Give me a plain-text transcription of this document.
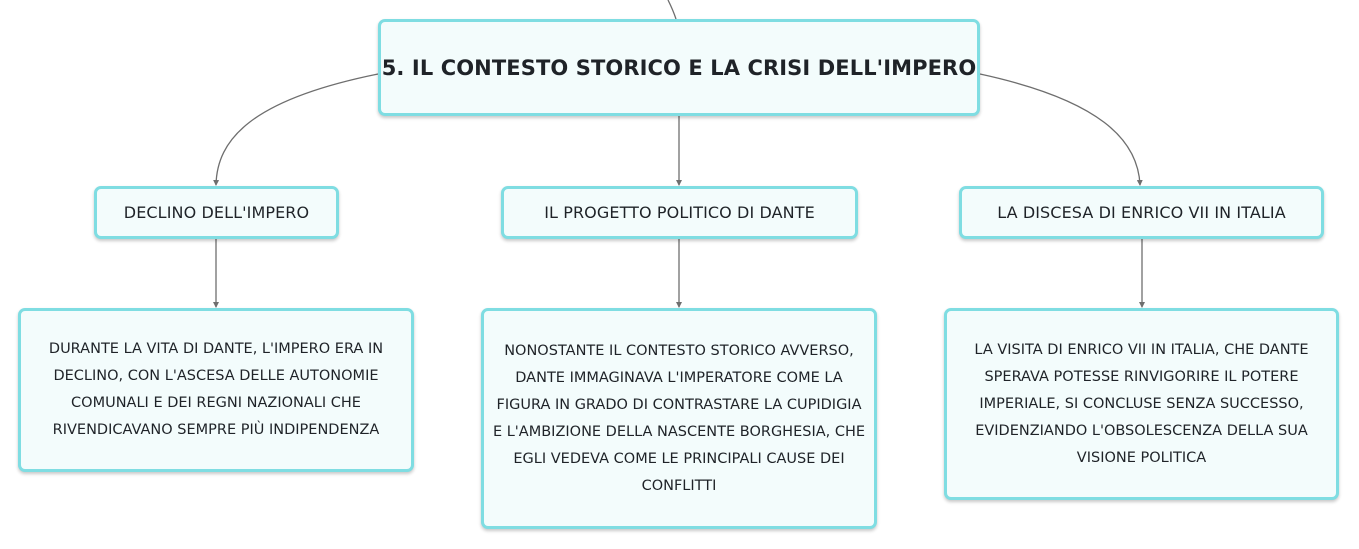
5. IL CONTESTO STORICO E LA CRISI DELL'IMPERO
DECLINO DELL'IMPERO	IL PROGETTO POLITICO DI DANTE	LA DISCESA DI ENRICO VII IN ITALIA
DURANTE LA VITA DI DANTE, L'IMPERO ERA IN DECLINO, CON L'ASCESA DELLE AUTONOMIE COMUNALI E DEI REGNI NAZIONALI CHE RIVENDICAVANO SEMPRE PIÙ INDIPENDENZA
NONOSTANTE IL CONTESTO STORICO AVVERSO, DANTE IMMAGINAVA L'IMPERATORE COME LA FIGURA IN GRADO DI CONTRASTARE LA CUPIDIGIA E L'AMBIZIONE DELLA NASCENTE BORGHESIA, CHE EGLI VEDEVA COME LE PRINCIPALI CAUSE DEI CONFLITTI
LA VISITA DI ENRICO VII IN ITALIA, CHE DANTE SPERAVA POTESSE RINVIGORIRE IL POTERE IMPERIALE, SI CONCLUSE SENZA SUCCESSO, EVIDENZIANDO L'OBSOLESCENZA DELLA SUA VISIONE POLITICA
